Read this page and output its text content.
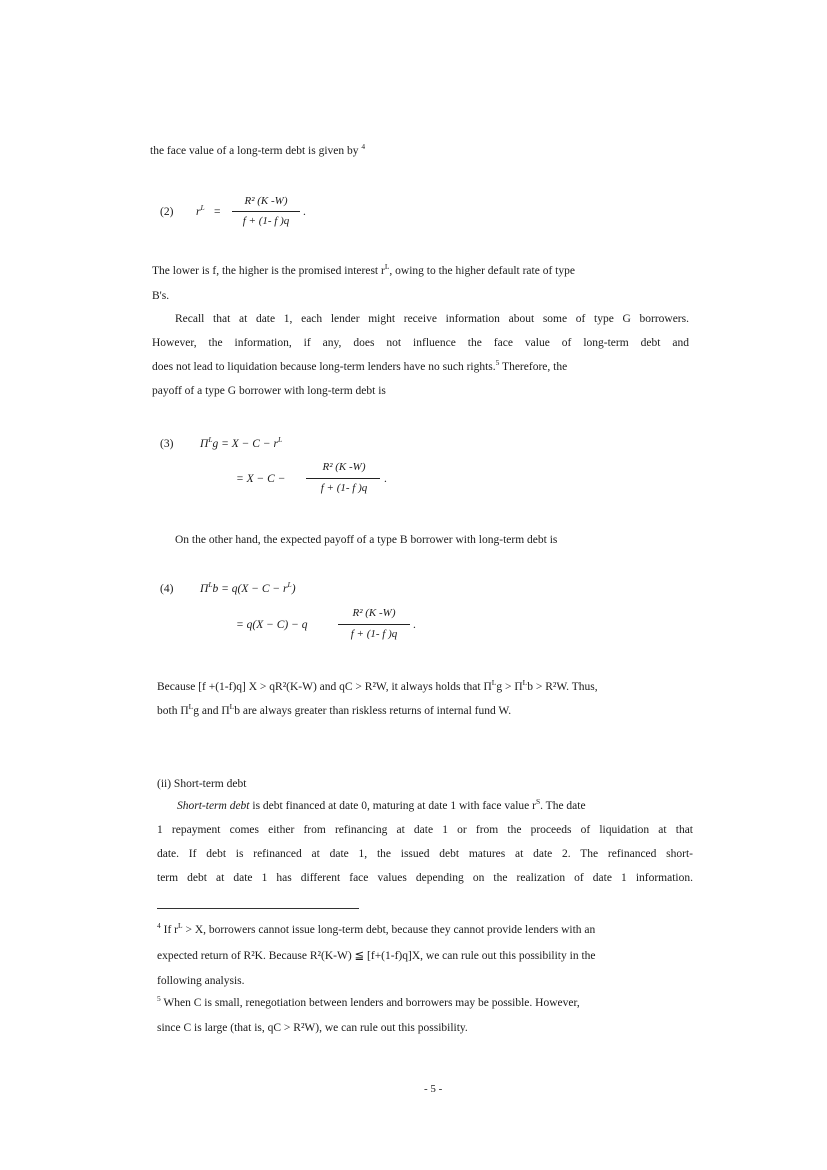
the face value of a long-term debt is given by $^4$
(2) $r^L$ =
R² (K -W)
f + (1- f )q
.
The lower is f, the higher is the promised interest $r^L$, owing to the higher default rate of type
B's.
Recall that at date 1, each lender might receive information about some of type G borrowers.
However, the information, if any, does not influence the face value of long-term debt and
does not lead to liquidation because long-term lenders have no such rights.$^5$ Therefore, the
payoff of a type G borrower with long-term debt is
(3) $\Pi^Lg = X - C - r^L$
= X − C −
R² (K -W)
f + (1- f )q
.
On the other hand, the expected payoff of a type B borrower with long-term debt is
(4) $\Pi^Lb = q(X - C - r^L)$
= q(X − C) − q
R² (K -W)
f + (1- f )q
.
Because [f +(1-f)q] X > qR²(K-W) and qC > R²W, it always holds that $\Pi^Lg > \Pi^Lb > R^2W$. Thus,
both $\Pi^Lg$ and $\Pi^Lb$ are always greater than riskless returns of internal fund W.
(ii) Short-term debt
Short-term debt is debt financed at date 0, maturing at date 1 with face value $r^S$. The date
1 repayment comes either from refinancing at date 1 or from the proceeds of liquidation at that
date. If debt is refinanced at date 1, the issued debt matures at date 2. The refinanced short-
term debt at date 1 has different face values depending on the realization of date 1 information.
$^4$ If $r^L > X$, borrowers cannot issue long-term debt, because they cannot provide lenders with an
expected return of R²K. Because R²(K-W) ≦ [f+(1-f)q]X, we can rule out this possibility in the
following analysis.
$^5$ When C is small, renegotiation between lenders and borrowers may be possible. However,
since C is large (that is, qC > R²W), we can rule out this possibility.
- 5 -
